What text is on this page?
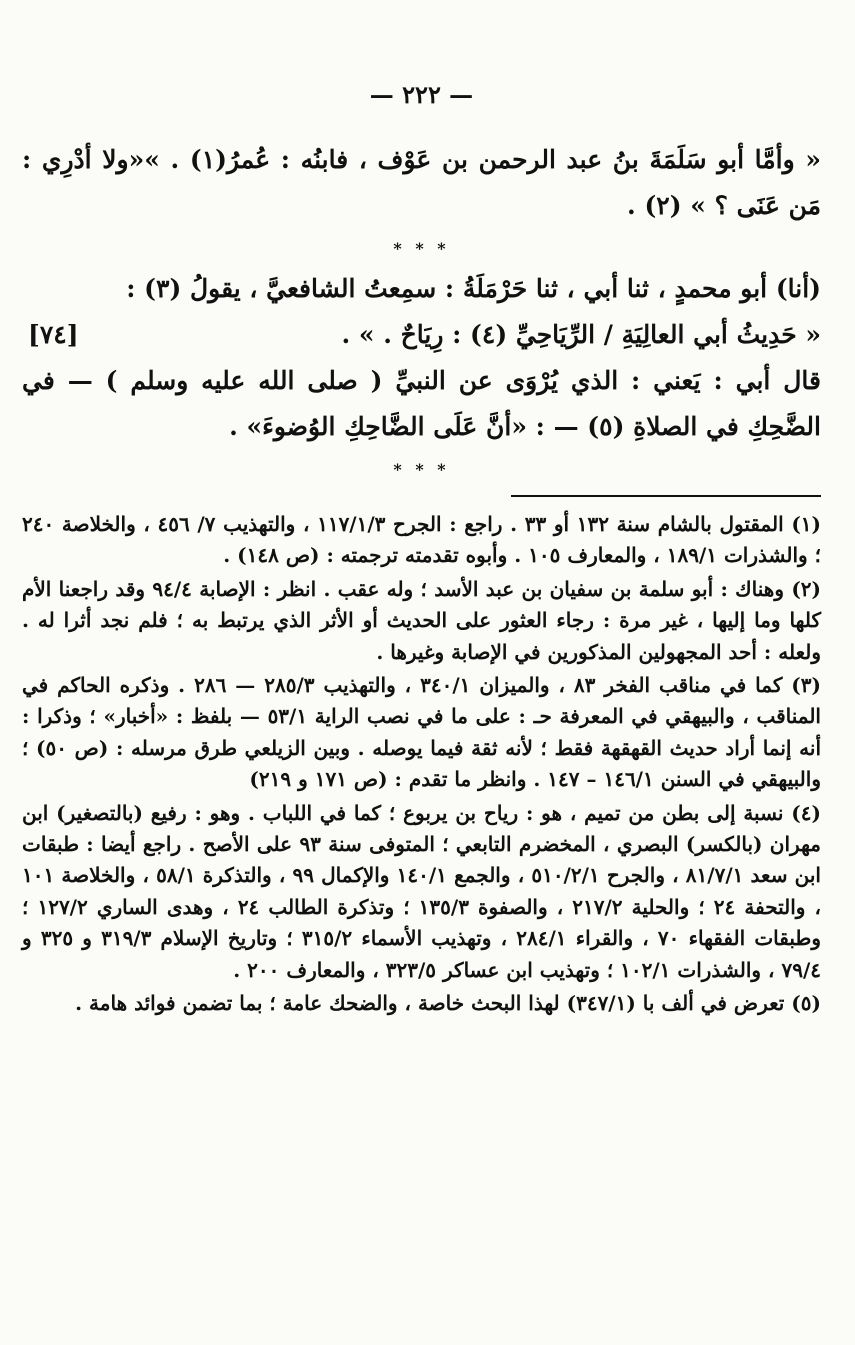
— ٢٢٢ —

« وأمَّا أبو سَلَمَةَ بنُ عبد الرحمن بن عَوْف ، فابنُه : عُمرُ(١) . »«ولا أدْرِي : مَن عَنَى ؟ » (٢) .

* * *

(أنا) أبو محمدٍ ، ثنا أبي ، ثنا حَرْمَلَةُ : سمِعتُ الشافعيَّ ، يقولُ (٣) :

[٧٤]	« حَدِيثُ أبي العالِيَةِ / الرِّيَاحِيِّ (٤) : رِيَاحٌ . » .

قال أبي : يَعني : الذي يُرْوَى عن النبيِّ ( صلى الله عليه وسلم ) — في الضَّحِكِ في الصلاةِ (٥) — : «أنَّ عَلَى الضَّاحِكِ الوُضوءَ» .

* * *

(١) المقتول بالشام سنة ١٣٢ أو ٣٣ . راجع : الجرح ١١٧/١/٣ ، والتهذيب ٧/ ٤٥٦ ، والخلاصة ٢٤٠ ؛ والشذرات ١٨٩/١ ، والمعارف ١٠٥ . وأبوه تقدمته ترجمته : (ص ١٤٨) .

(٢) وهناك : أبو سلمة بن سفيان بن عبد الأسد ؛ وله عقب . انظر : الإصابة ٩٤/٤ وقد راجعنا الأم كلها وما إليها ، غير مرة : رجاء العثور على الحديث أو الأثر الذي يرتبط به ؛ فلم نجد أثرا له . ولعله : أحد المجهولين المذكورين في الإصابة وغيرها .

(٣) كما في مناقب الفخر ٨٣ ، والميزان ٣٤٠/١ ، والتهذيب ٢٨٥/٣ — ٢٨٦ . وذكره الحاكم في المناقب ، والبيهقي في المعرفة حـ : على ما في نصب الراية ٥٣/١ — بلفظ : «أخبار» ؛ وذكرا : أنه إنما أراد حديث القهقهة فقط ؛ لأنه ثقة فيما يوصله . وبين الزيلعي طرق مرسله : (ص ٥٠) ؛ والبيهقي في السنن ١٤٦/١ – ١٤٧ . وانظر ما تقدم : (ص ١٧١ و ٢١٩)

(٤) نسبة إلى بطن من تميم ، هو : رياح بن يربوع ؛ كما في اللباب . وهو : رفيع (بالتصغير) ابن مهران (بالكسر) البصري ، المخضرم التابعي ؛ المتوفى سنة ٩٣ على الأصح . راجع أيضا : طبقات ابن سعد ٨١/٧/١ ، والجرح ٥١٠/٢/١ ، والجمع ١٤٠/١ والإكمال ٩٩ ، والتذكرة ٥٨/١ ، والخلاصة ١٠١ ، والتحفة ٢٤ ؛ والحلية ٢١٧/٢ ، والصفوة ١٣٥/٣ ؛ وتذكرة الطالب ٢٤ ، وهدى الساري ١٢٧/٢ ؛ وطبقات الفقهاء ٧٠ ، والقراء ٢٨٤/١ ، وتهذيب الأسماء ٣١٥/٢ ؛ وتاريخ الإسلام ٣١٩/٣ و ٣٢٥ و ٧٩/٤ ، والشذرات ١٠٢/١ ؛ وتهذيب ابن عساكر ٣٢٣/٥ ، والمعارف ٢٠٠ .

(٥) تعرض في ألف با (٣٤٧/١) لهذا البحث خاصة ، والضحك عامة ؛ بما تضمن فوائد هامة .
